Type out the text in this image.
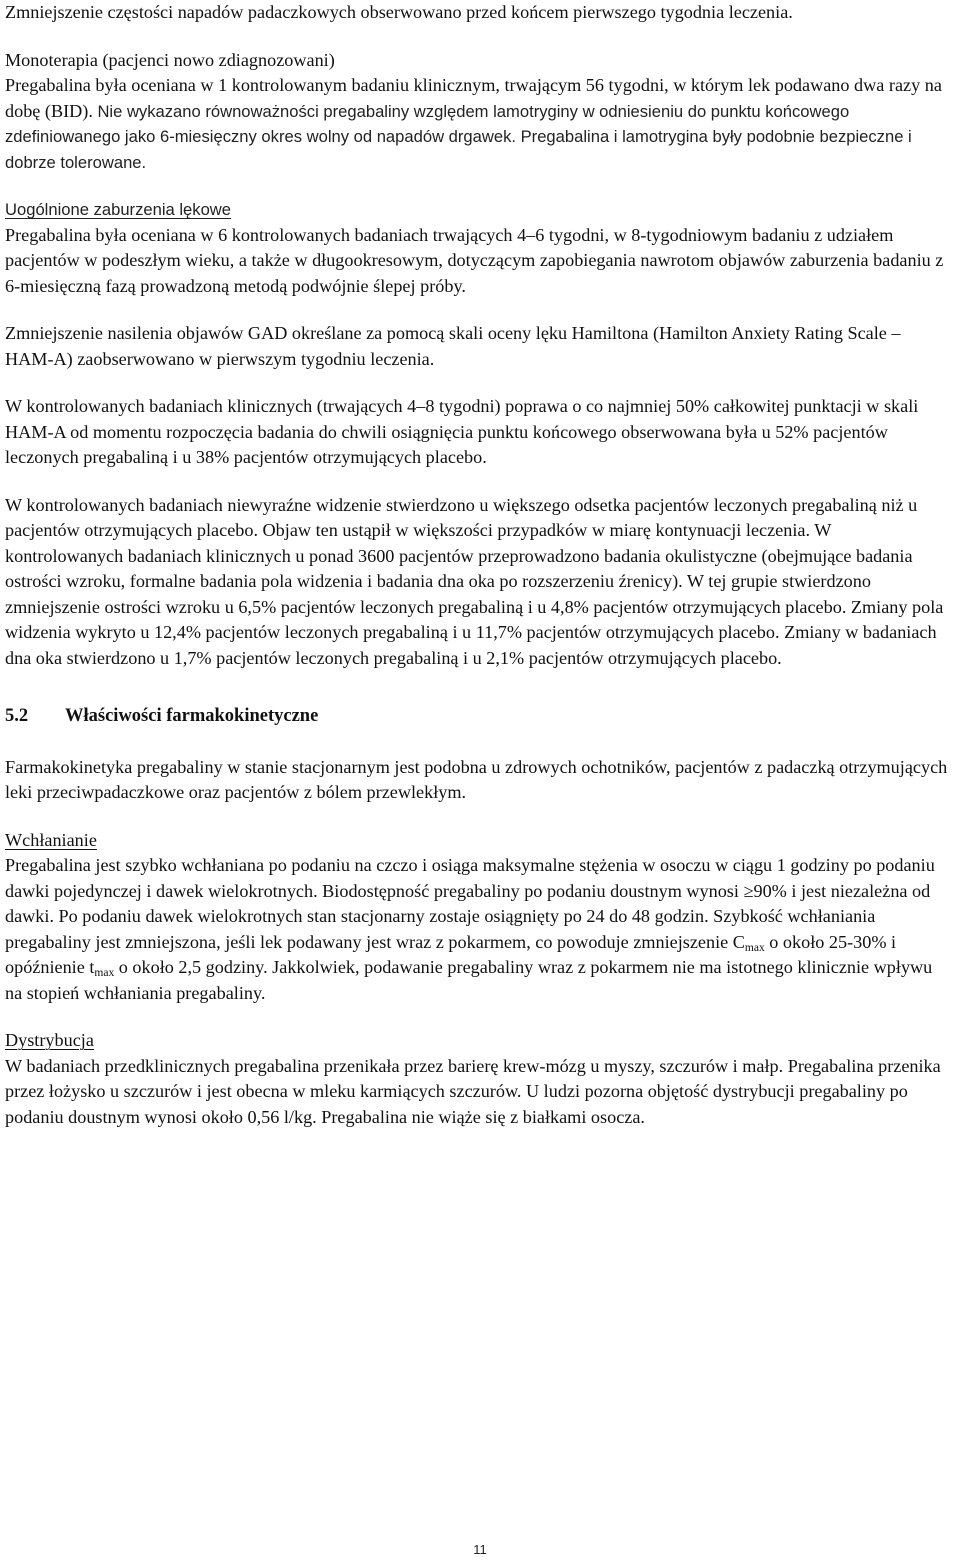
Zmniejszenie częstości napadów padaczkowych obserwowano przed końcem pierwszego tygodnia leczenia.

Monoterapia (pacjenci nowo zdiagnozowani)

Pregabalina była oceniana w 1 kontrolowanym badaniu klinicznym, trwającym 56 tygodni, w którym lek podawano dwa razy na dobę (BID). Nie wykazano równoważności pregabaliny względem lamotryginy w odniesieniu do punktu końcowego zdefiniowanego jako 6-miesięczny okres wolny od napadów drgawek. Pregabalina i lamotrygina były podobnie bezpieczne i dobrze tolerowane.

Uogólnione zaburzenia lękowe

Pregabalina była oceniana w 6 kontrolowanych badaniach trwających 4–6 tygodni, w 8-tygodniowym badaniu z udziałem pacjentów w podeszłym wieku, a także w długookresowym, dotyczącym zapobiegania nawrotom objawów zaburzenia badaniu z 6-miesięczną fazą prowadzoną metodą podwójnie ślepej próby.

Zmniejszenie nasilenia objawów GAD określane za pomocą skali oceny lęku Hamiltona (Hamilton Anxiety Rating Scale – HAM-A) zaobserwowano w pierwszym tygodniu leczenia.

W kontrolowanych badaniach klinicznych (trwających 4–8 tygodni) poprawa o co najmniej 50% całkowitej punktacji w skali HAM-A od momentu rozpoczęcia badania do chwili osiągnięcia punktu końcowego obserwowana była u 52% pacjentów leczonych pregabaliną i u 38% pacjentów otrzymujących placebo.

W kontrolowanych badaniach niewyraźne widzenie stwierdzono u większego odsetka pacjentów leczonych pregabaliną niż u pacjentów otrzymujących placebo. Objaw ten ustąpił w większości przypadków w miarę kontynuacji leczenia. W kontrolowanych badaniach klinicznych u ponad 3600 pacjentów przeprowadzono badania okulistyczne (obejmujące badania ostrości wzroku, formalne badania pola widzenia i badania dna oka po rozszerzeniu źrenicy). W tej grupie stwierdzono zmniejszenie ostrości wzroku u 6,5% pacjentów leczonych pregabaliną i u 4,8% pacjentów otrzymujących placebo. Zmiany pola widzenia wykryto u 12,4% pacjentów leczonych pregabaliną i u 11,7% pacjentów otrzymujących placebo. Zmiany w badaniach dna oka stwierdzono u 1,7% pacjentów leczonych pregabaliną i u 2,1% pacjentów otrzymujących placebo.

5.2 Właściwości farmakokinetyczne

Farmakokinetyka pregabaliny w stanie stacjonarnym jest podobna u zdrowych ochotników, pacjentów z padaczką otrzymujących leki przeciwpadaczkowe oraz pacjentów z bólem przewlekłym.

Wchłanianie

Pregabalina jest szybko wchłaniana po podaniu na czczo i osiąga maksymalne stężenia w osoczu w ciągu 1 godziny po podaniu dawki pojedynczej i dawek wielokrotnych. Biodostępność pregabaliny po podaniu doustnym wynosi ≥90% i jest niezależna od dawki. Po podaniu dawek wielokrotnych stan stacjonarny zostaje osiągnięty po 24 do 48 godzin. Szybkość wchłaniania pregabaliny jest zmniejszona, jeśli lek podawany jest wraz z pokarmem, co powoduje zmniejszenie $C_{max}$ o około 25-30% i opóźnienie $t_{max}$ o około 2,5 godziny. Jakkolwiek, podawanie pregabaliny wraz z pokarmem nie ma istotnego klinicznie wpływu na stopień wchłaniania pregabaliny.

Dystrybucja

W badaniach przedklinicznych pregabalina przenikała przez barierę krew-mózg u myszy, szczurów i małp. Pregabalina przenika przez łożysko u szczurów i jest obecna w mleku karmiących szczurów. U ludzi pozorna objętość dystrybucji pregabaliny po podaniu doustnym wynosi około 0,56 l/kg. Pregabalina nie wiąże się z białkami osocza.

11
